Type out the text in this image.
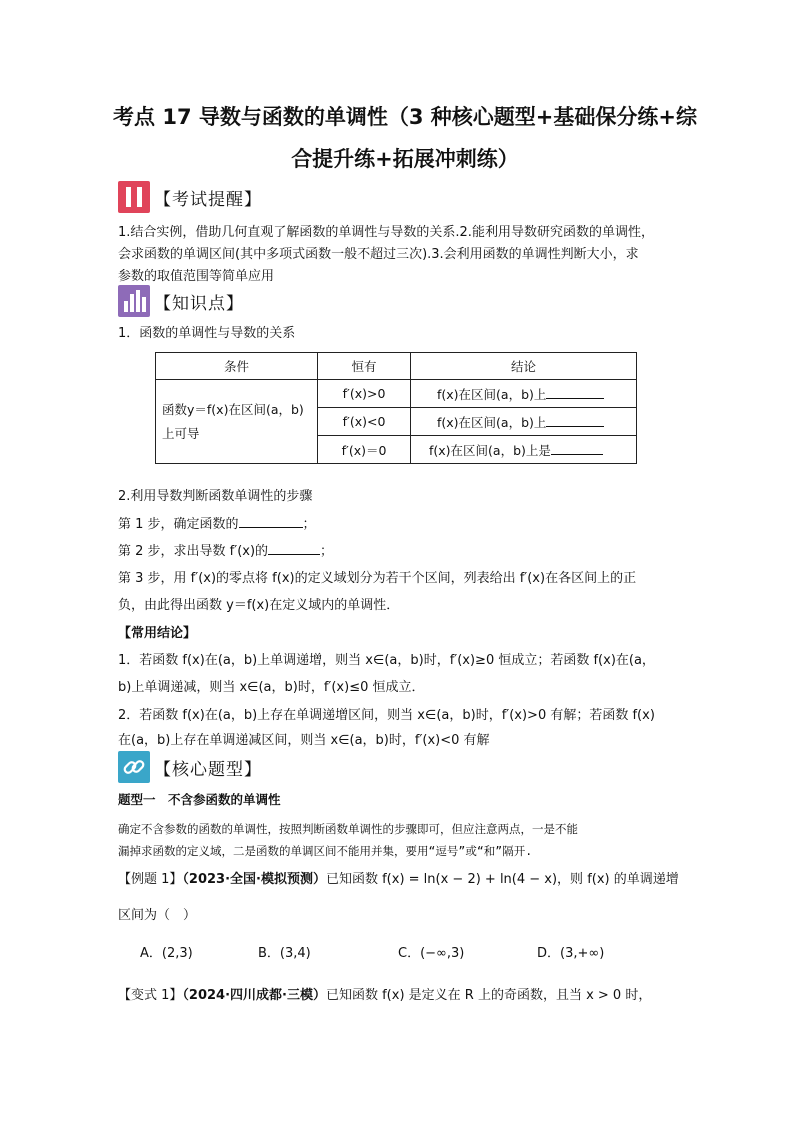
考点 17 导数与函数的单调性（3 种核心题型+基础保分练+综
合提升练+拓展冲刺练）
【考试提醒】
1.结合实例，借助几何直观了解函数的单调性与导数的关系.2.能利用导数研究函数的单调性，
会求函数的单调区间(其中多项式函数一般不超过三次).3.会利用函数的单调性判断大小，求
参数的取值范围等简单应用
【知识点】
1．函数的单调性与导数的关系
条件	恒有	结论

函数y＝f(x)在区间(a，b)
上可导	f′(x)>0	f(x)在区间(a，b)上
	f′(x)<0	f(x)在区间(a，b)上
	f′(x)＝0	f(x)在区间(a，b)上是
2.利用导数判断函数单调性的步骤
第 1 步，确定函数的	；
第 2 步，求出导数 f′(x)的	；
第 3 步，用 f′(x)的零点将 f(x)的定义域划分为若干个区间，列表给出 f′(x)在各区间上的正
负，由此得出函数 y＝f(x)在定义域内的单调性．
【常用结论】
1．若函数 f(x)在(a，b)上单调递增，则当 x∈(a，b)时，f′(x)≥0 恒成立；若函数 f(x)在(a，
b)上单调递减，则当 x∈(a，b)时，f′(x)≤0 恒成立．
2．若函数 f(x)在(a，b)上存在单调递增区间，则当 x∈(a，b)时，f′(x)>0 有解；若函数 f(x)
在(a，b)上存在单调递减区间，则当 x∈(a，b)时，f′(x)<0 有解
【核心题型】
题型一　不含参函数的单调性
确定不含参数的函数的单调性，按照判断函数单调性的步骤即可，但应注意两点，一是不能
漏掉求函数的定义域，二是函数的单调区间不能用并集，要用“逗号”或“和”隔开.
【例题 1】（2023·全国·模拟预测）已知函数 f(x) = ln(x − 2) + ln(4 − x)，则 f(x) 的单调递增
区间为（　）
A．(2,3)	B．(3,4)	C．(−∞,3)	D．(3,+∞)
【变式 1】（2024·四川成都·三模）已知函数 f(x) 是定义在 R 上的奇函数，且当 x > 0 时，
